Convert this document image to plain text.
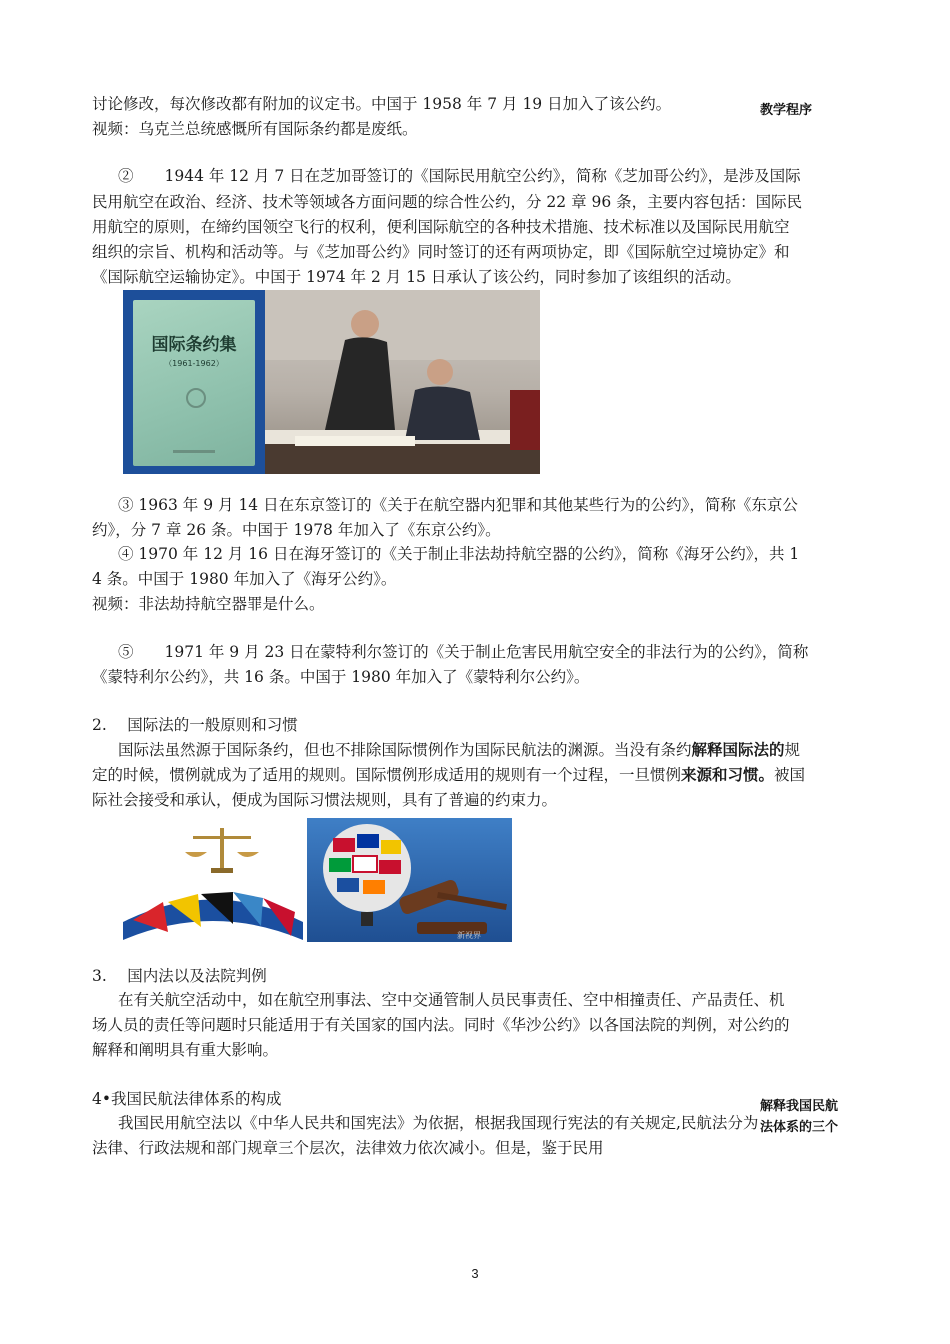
教学程序
讨论修改，每次修改都有附加的议定书。中国于 1958 年 7 月 19 日加入了该公约。
视频：乌克兰总统感慨所有国际条约都是废纸。
②　　1944 年 12 月 7 日在芝加哥签订的《国际民用航空公约》，简称《芝加哥公约》，是涉及国际
民用航空在政治、经济、技术等领域各方面问题的综合性公约，分 22 章 96 条，主要内容包括：国际民
用航空的原则，在缔约国领空飞行的权利，便利国际航空的各种技术措施、技术标准以及国际民用航空
组织的宗旨、机构和活动等。与《芝加哥公约》同时签订的还有两项协定，即《国际航空过境协定》和
《国际航空运输协定》。中国于 1974 年 2 月 15 日承认了该公约，同时参加了该组织的活动。
国际条约集
（1961-1962）
③ 1963 年 9 月 14 日在东京签订的《关于在航空器内犯罪和其他某些行为的公约》，简称《东京公
约》，分 7 章 26 条。中国于 1978 年加入了《东京公约》。
④ 1970 年 12 月 16 日在海牙签订的《关于制止非法劫持航空器的公约》，简称《海牙公约》，共 1
4 条。中国于 1980 年加入了《海牙公约》。
视频：非法劫持航空器罪是什么。
⑤　　1971 年 9 月 23 日在蒙特利尔签订的《关于制止危害民用航空安全的非法行为的公约》，简称
《蒙特利尔公约》，共 16 条。中国于 1980 年加入了《蒙特利尔公约》。
2.　 国际法的一般原则和习惯
国际法虽然源于国际条约，但也不排除国际惯例作为国际民航法的渊源。当没有条约解释国际法的规
定的时候，惯例就成为了适用的规则。国际惯例形成适用的规则有一个过程，一旦惯例来源和习惯。被国
际社会接受和承认，便成为国际习惯法规则，具有了普遍的约束力。
新视界
3.　 国内法以及法院判例
在有关航空活动中，如在航空刑事法、空中交通管制人员民事责任、空中相撞责任、产品责任、机
场人员的责任等问题时只能适用于有关国家的国内法。同时《华沙公约》以各国法院的判例，对公约的
解释和阐明具有重大影响。
4•我国民航法律体系的构成
我国民用航空法以《中华人民共和国宪法》为依据，根据我国现行宪法的有关规定,民航法分为
法律、行政法规和部门规章三个层次，法律效力依次减小。但是，鉴于民用
解释我国民航
法体系的三个
3
